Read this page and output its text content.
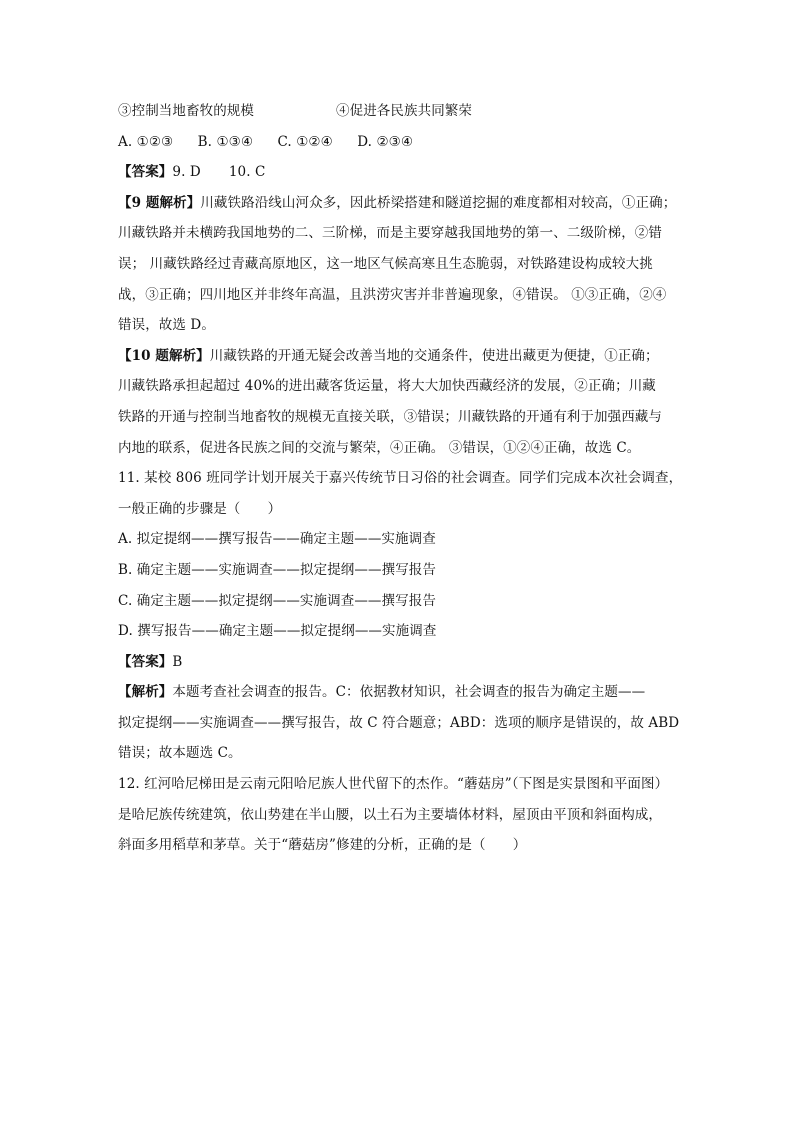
③控制当地畜牧的规模	④促进各民族共同繁荣
A. ①②③ B. ①③④ C. ①②④ D. ②③④
【答案】9. D 10. C
【9 题解析】川藏铁路沿线山河众多，因此桥梁搭建和隧道挖掘的难度都相对较高，①正确；
川藏铁路并未横跨我国地势的二、三阶梯，而是主要穿越我国地势的第一、二级阶梯，②错
误； 川藏铁路经过青藏高原地区，这一地区气候高寒且生态脆弱，对铁路建设构成较大挑
战，③正确；四川地区并非终年高温，且洪涝灾害并非普遍现象，④错误。 ①③正确，②④
错误，故选 D。
【10 题解析】川藏铁路的开通无疑会改善当地的交通条件，使进出藏更为便捷，①正确；
川藏铁路承担起超过 40%的进出藏客货运量，将大大加快西藏经济的发展，②正确；川藏
铁路的开通与控制当地畜牧的规模无直接关联，③错误；川藏铁路的开通有利于加强西藏与
内地的联系，促进各民族之间的交流与繁荣，④正确。 ③错误，①②④正确，故选 C。
11. 某校 806 班同学计划开展关于嘉兴传统节日习俗的社会调查。同学们完成本次社会调查，
一般正确的步骤是（　　）
A. 拟定提纲——撰写报告——确定主题——实施调查
B. 确定主题——实施调查——拟定提纲——撰写报告
C. 确定主题——拟定提纲——实施调查——撰写报告
D. 撰写报告——确定主题——拟定提纲——实施调查
【答案】B
【解析】本题考查社会调查的报告。C：依据教材知识，社会调查的报告为确定主题——
拟定提纲——实施调查——撰写报告，故 C 符合题意；ABD：选项的顺序是错误的，故 ABD
错误；故本题选 C。
12. 红河哈尼梯田是云南元阳哈尼族人世代留下的杰作。“蘑菇房”（下图是实景图和平面图）
是哈尼族传统建筑，依山势建在半山腰，以土石为主要墙体材料，屋顶由平顶和斜面构成，
斜面多用稻草和茅草。关于“蘑菇房”修建的分析，正确的是（　　）
